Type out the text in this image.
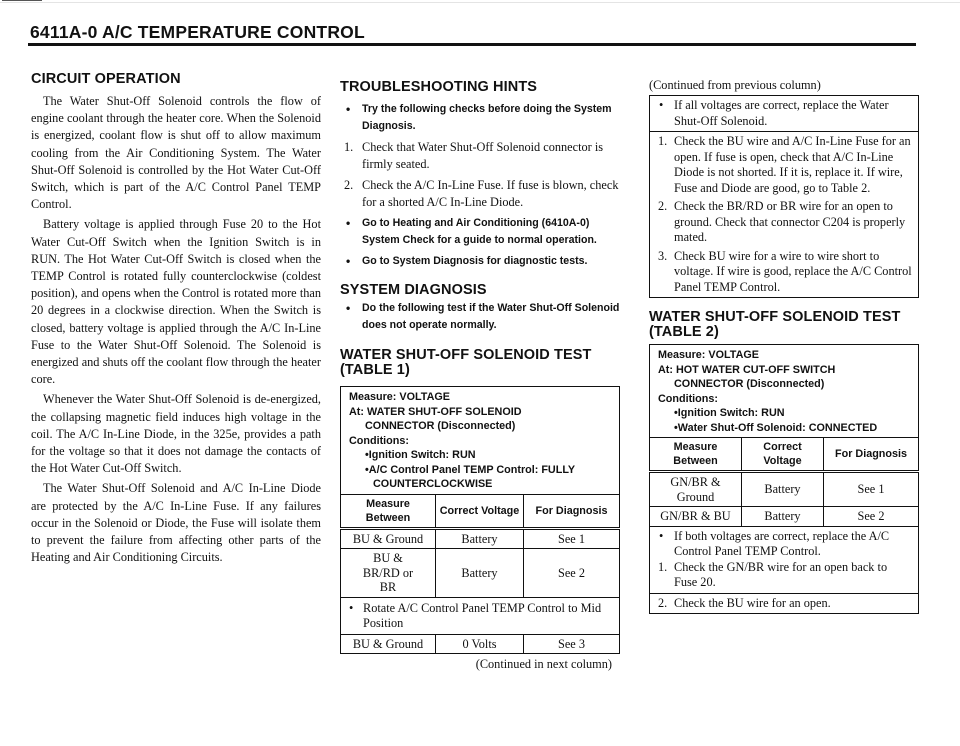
6411A-0 A/C TEMPERATURE CONTROL
CIRCUIT OPERATION

The Water Shut-Off Solenoid controls the flow of engine coolant through the heater core. When the Solenoid is energized, coolant flow is shut off to allow maximum cooling from the Air Conditioning System. The Water Shut-Off Solenoid is controlled by the Hot Water Cut-Off Switch, which is part of the A/C Control Panel TEMP Control.

Battery voltage is applied through Fuse 20 to the Hot Water Cut-Off Switch when the Ignition Switch is in RUN. The Hot Water Cut-Off Switch is closed when the TEMP Control is rotated fully counterclockwise (coldest position), and opens when the Control is rotated more than 20 degrees in a clockwise direction. When the Switch is closed, battery voltage is applied through the A/C In-Line Fuse to the Water Shut-Off Solenoid. The Solenoid is energized and shuts off the coolant flow through the heater core.

Whenever the Water Shut-Off Solenoid is de-energized, the collapsing magnetic field induces high voltage in the coil. The A/C In-Line Diode, in the 325e, provides a path for the voltage so that it does not damage the contacts of the Hot Water Cut-Off Switch.

The Water Shut-Off Solenoid and A/C In-Line Diode are protected by the A/C In-Line Fuse. If any failures occur in the Solenoid or Diode, the Fuse will isolate them to prevent the failure from affecting other parts of the Heating and Air Conditioning Circuits.

TROUBLESHOOTING HINTS
• Try the following checks before doing the System Diagnosis.
1. Check that Water Shut-Off Solenoid connector is firmly seated.
2. Check the A/C In-Line Fuse. If fuse is blown, check for a shorted A/C In-Line Diode.
• Go to Heating and Air Conditioning (6410A-0) System Check for a guide to normal operation.
• Go to System Diagnosis for diagnostic tests.
SYSTEM DIAGNOSIS
• Do the following test if the Water Shut-Off Solenoid does not operate normally.
WATER SHUT-OFF SOLENOID TEST (TABLE 1)
Measure: VOLTAGE
At: WATER SHUT-OFF SOLENOID
CONNECTOR (Disconnected)
Conditions:
• Ignition Switch: RUN
• A/C Control Panel TEMP Control: FULLY
COUNTERCLOCKWISE
Measure Between	Correct Voltage	For Diagnosis
BU & Ground	Battery	See 1
BU & BR/RD or BR	Battery	See 2
• Rotate A/C Control Panel TEMP Control to Mid Position
BU & Ground	0 Volts	See 3
(Continued in next column)
(Continued from previous column)
• If all voltages are correct, replace the Water Shut-Off Solenoid.
1. Check the BU wire and A/C In-Line Fuse for an open. If fuse is open, check that A/C In-Line Diode is not shorted. If it is, replace it. If wire, Fuse and Diode are good, go to Table 2.
2. Check the BR/RD or BR wire for an open to ground. Check that connector C204 is properly mated.
3. Check BU wire for a wire to wire short to voltage. If wire is good, replace the A/C Control Panel TEMP Control.
WATER SHUT-OFF SOLENOID TEST (TABLE 2)
Measure: VOLTAGE
At: HOT WATER CUT-OFF SWITCH
CONNECTOR (Disconnected)
Conditions:
• Ignition Switch: RUN
• Water Shut-Off Solenoid: CONNECTED
Measure Between	Correct Voltage	For Diagnosis
GN/BR & Ground	Battery	See 1
GN/BR & BU	Battery	See 2
• If both voltages are correct, replace the A/C Control Panel TEMP Control.
1. Check the GN/BR wire for an open back to Fuse 20.
2. Check the BU wire for an open.
